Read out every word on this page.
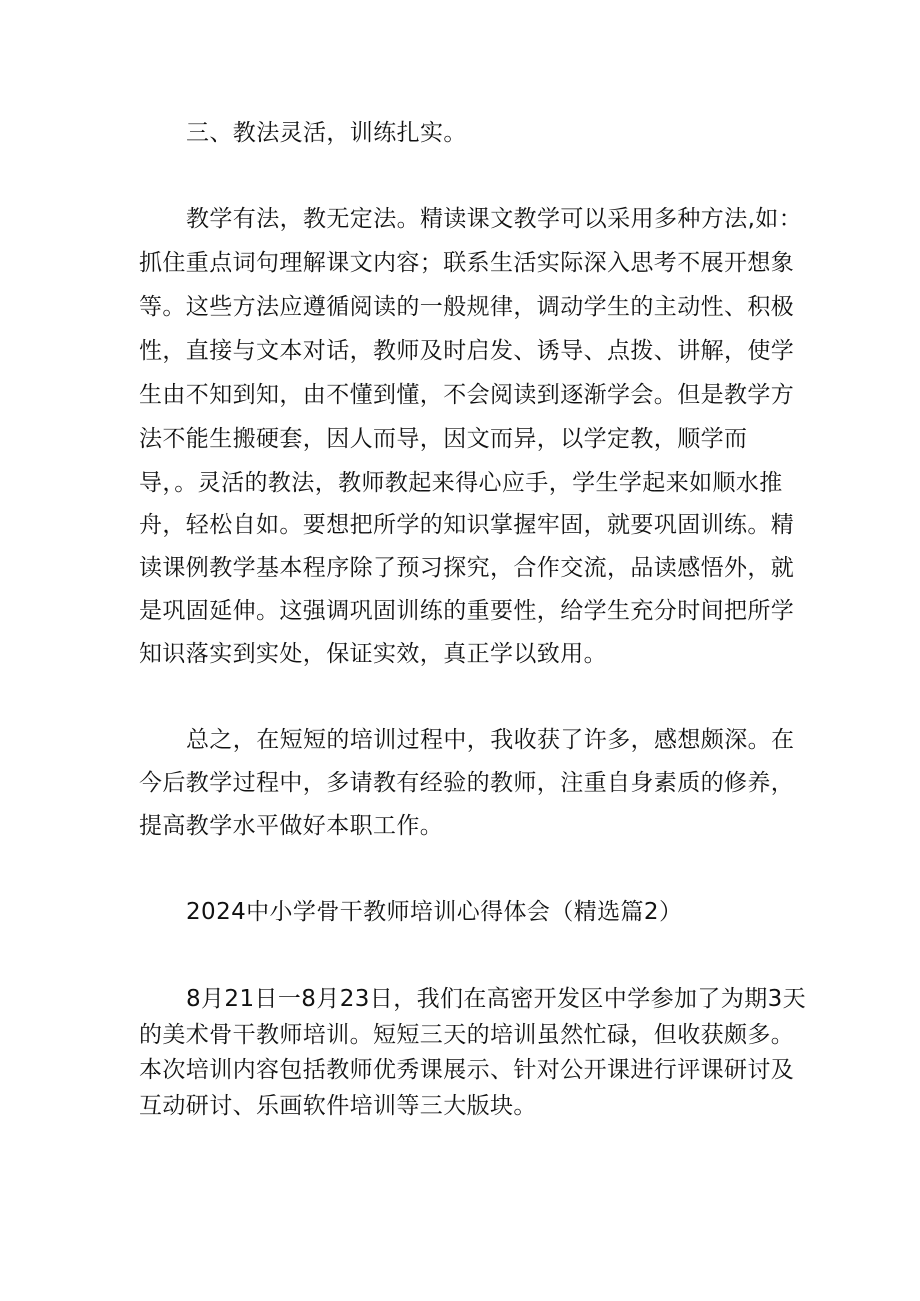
三、教法灵活，训练扎实。
教学有法，教无定法。精读课文教学可以采用多种方法,如：
抓住重点词句理解课文内容；联系生活实际深入思考不展开想象
等。这些方法应遵循阅读的一般规律，调动学生的主动性、积极
性，直接与文本对话，教师及时启发、诱导、点拨、讲解，使学
生由不知到知，由不懂到懂，不会阅读到逐渐学会。但是教学方
法不能生搬硬套，因人而导，因文而异，以学定教，顺学而
导，。灵活的教法，教师教起来得心应手，学生学起来如顺水推
舟，轻松自如。要想把所学的知识掌握牢固，就要巩固训练。精
读课例教学基本程序除了预习探究，合作交流，品读感悟外，就
是巩固延伸。这强调巩固训练的重要性，给学生充分时间把所学
知识落实到实处，保证实效，真正学以致用。
总之，在短短的培训过程中，我收获了许多，感想颇深。在
今后教学过程中，多请教有经验的教师，注重自身素质的修养，
提高教学水平做好本职工作。
2024中小学骨干教师培训心得体会（精选篇2）
8月21日一8月23日，我们在高密开发区中学参加了为期3天
的美术骨干教师培训。短短三天的培训虽然忙碌，但收获颇多。
本次培训内容包括教师优秀课展示、针对公开课进行评课研讨及
互动研讨、乐画软件培训等三大版块。
